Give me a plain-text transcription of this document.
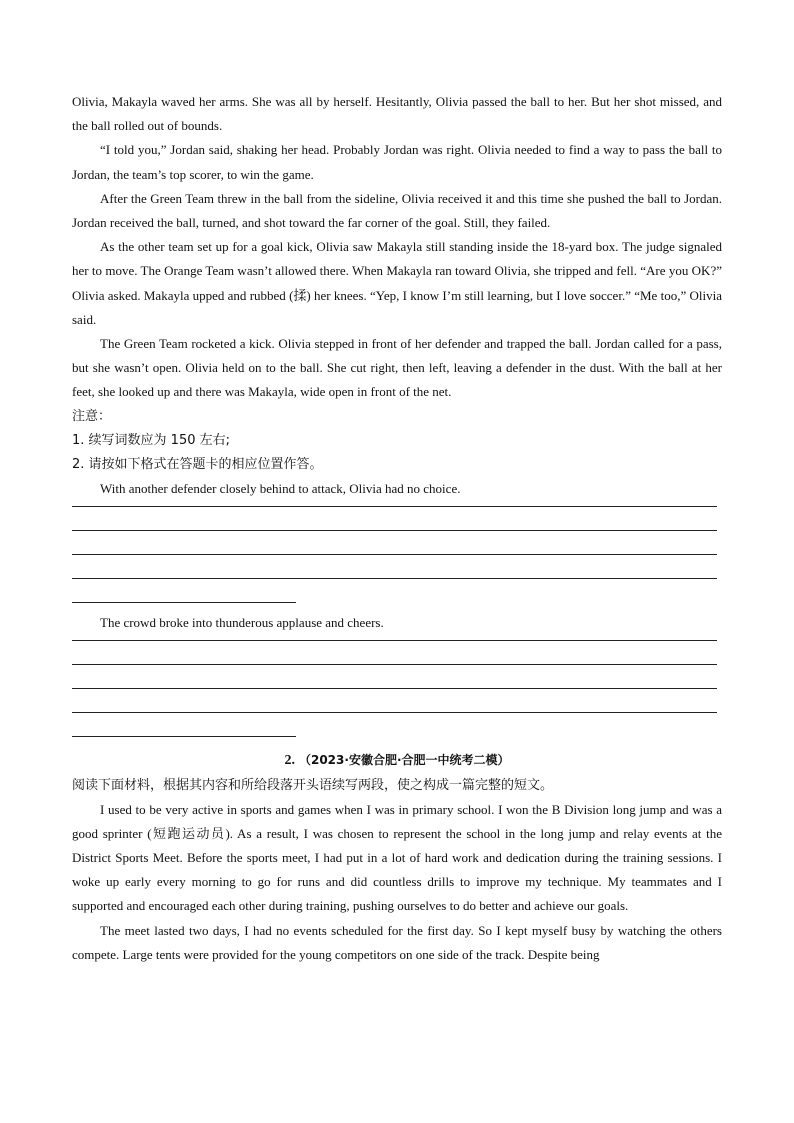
Olivia, Makayla waved her arms. She was all by herself. Hesitantly, Olivia passed the ball to her. But her shot missed, and the ball rolled out of bounds.

“I told you,” Jordan said, shaking her head. Probably Jordan was right. Olivia needed to find a way to pass the ball to Jordan, the team’s top scorer, to win the game.

After the Green Team threw in the ball from the sideline, Olivia received it and this time she pushed the ball to Jordan. Jordan received the ball, turned, and shot toward the far corner of the goal. Still, they failed.

As the other team set up for a goal kick, Olivia saw Makayla still standing inside the 18-yard box. The judge signaled her to move. The Orange Team wasn’t allowed there. When Makayla ran toward Olivia, she tripped and fell. “Are you OK?” Olivia asked. Makayla upped and rubbed (揉) her knees. “Yep, I know I’m still learning, but I love soccer.” “Me too,” Olivia said.

The Green Team rocketed a kick. Olivia stepped in front of her defender and trapped the ball. Jordan called for a pass, but she wasn’t open. Olivia held on to the ball. She cut right, then left, leaving a defender in the dust. With the ball at her feet, she looked up and there was Makayla, wide open in front of the net.

注意：

1. 续写词数应为 150 左右;

2. 请按如下格式在答题卡的相应位置作答。

With another defender closely behind to attack, Olivia had no choice.

The crowd broke into thunderous applause and cheers.

2. （2023·安徽合肥·合肥一中统考二模）

阅读下面材料，根据其内容和所给段落开头语续写两段，使之构成一篇完整的短文。

I used to be very active in sports and games when I was in primary school. I won the B Division long jump and was a good sprinter (短跑运动员). As a result, I was chosen to represent the school in the long jump and relay events at the District Sports Meet. Before the sports meet, I had put in a lot of hard work and dedication during the training sessions. I woke up early every morning to go for runs and did countless drills to improve my technique. My teammates and I supported and encouraged each other during training, pushing ourselves to do better and achieve our goals.

The meet lasted two days, I had no events scheduled for the first day. So I kept myself busy by watching the others compete. Large tents were provided for the young competitors on one side of the track. Despite being
